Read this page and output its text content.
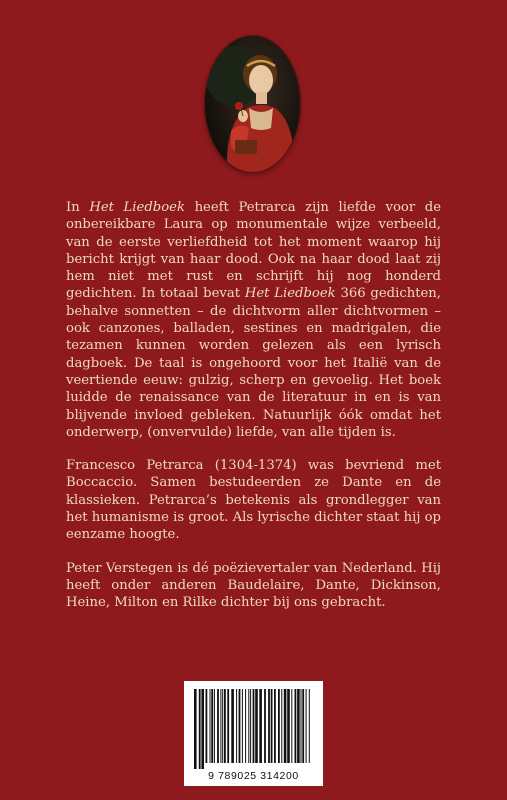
In Het Liedboek heeft Petrarca zijn liefde voor de onbereikbare Laura op monumentale wijze verbeeld, van de eerste verliefdheid tot het moment waarop hij bericht krijgt van haar dood. Ook na haar dood laat zij hem niet met rust en schrijft hij nog honderd gedichten. In totaal bevat Het Liedboek 366 gedichten, behalve sonnetten – de dichtvorm aller dichtvormen – ook canzones, balladen, sestines en madrigalen, die tezamen kunnen worden gelezen als een lyrisch dagboek. De taal is ongehoord voor het Italië van de veertiende eeuw: gulzig, scherp en gevoelig. Het boek luidde de renaissance van de literatuur in en is van blijvende invloed gebleken. Natuurlijk óók omdat het onderwerp, (onvervulde) liefde, van alle tijden is.

Francesco Petrarca (1304-1374) was bevriend met Boccaccio. Samen bestudeerden ze Dante en de klassieken. Petrarca’s betekenis als grondlegger van het humanisme is groot. Als lyrische dichter staat hij op eenzame hoogte.

Peter Verstegen is dé poëzievertaler van Nederland. Hij heeft onder anderen Baudelaire, Dante, Dickinson, Heine, Milton en Rilke dichter bij ons gebracht.

9 789025 314200
